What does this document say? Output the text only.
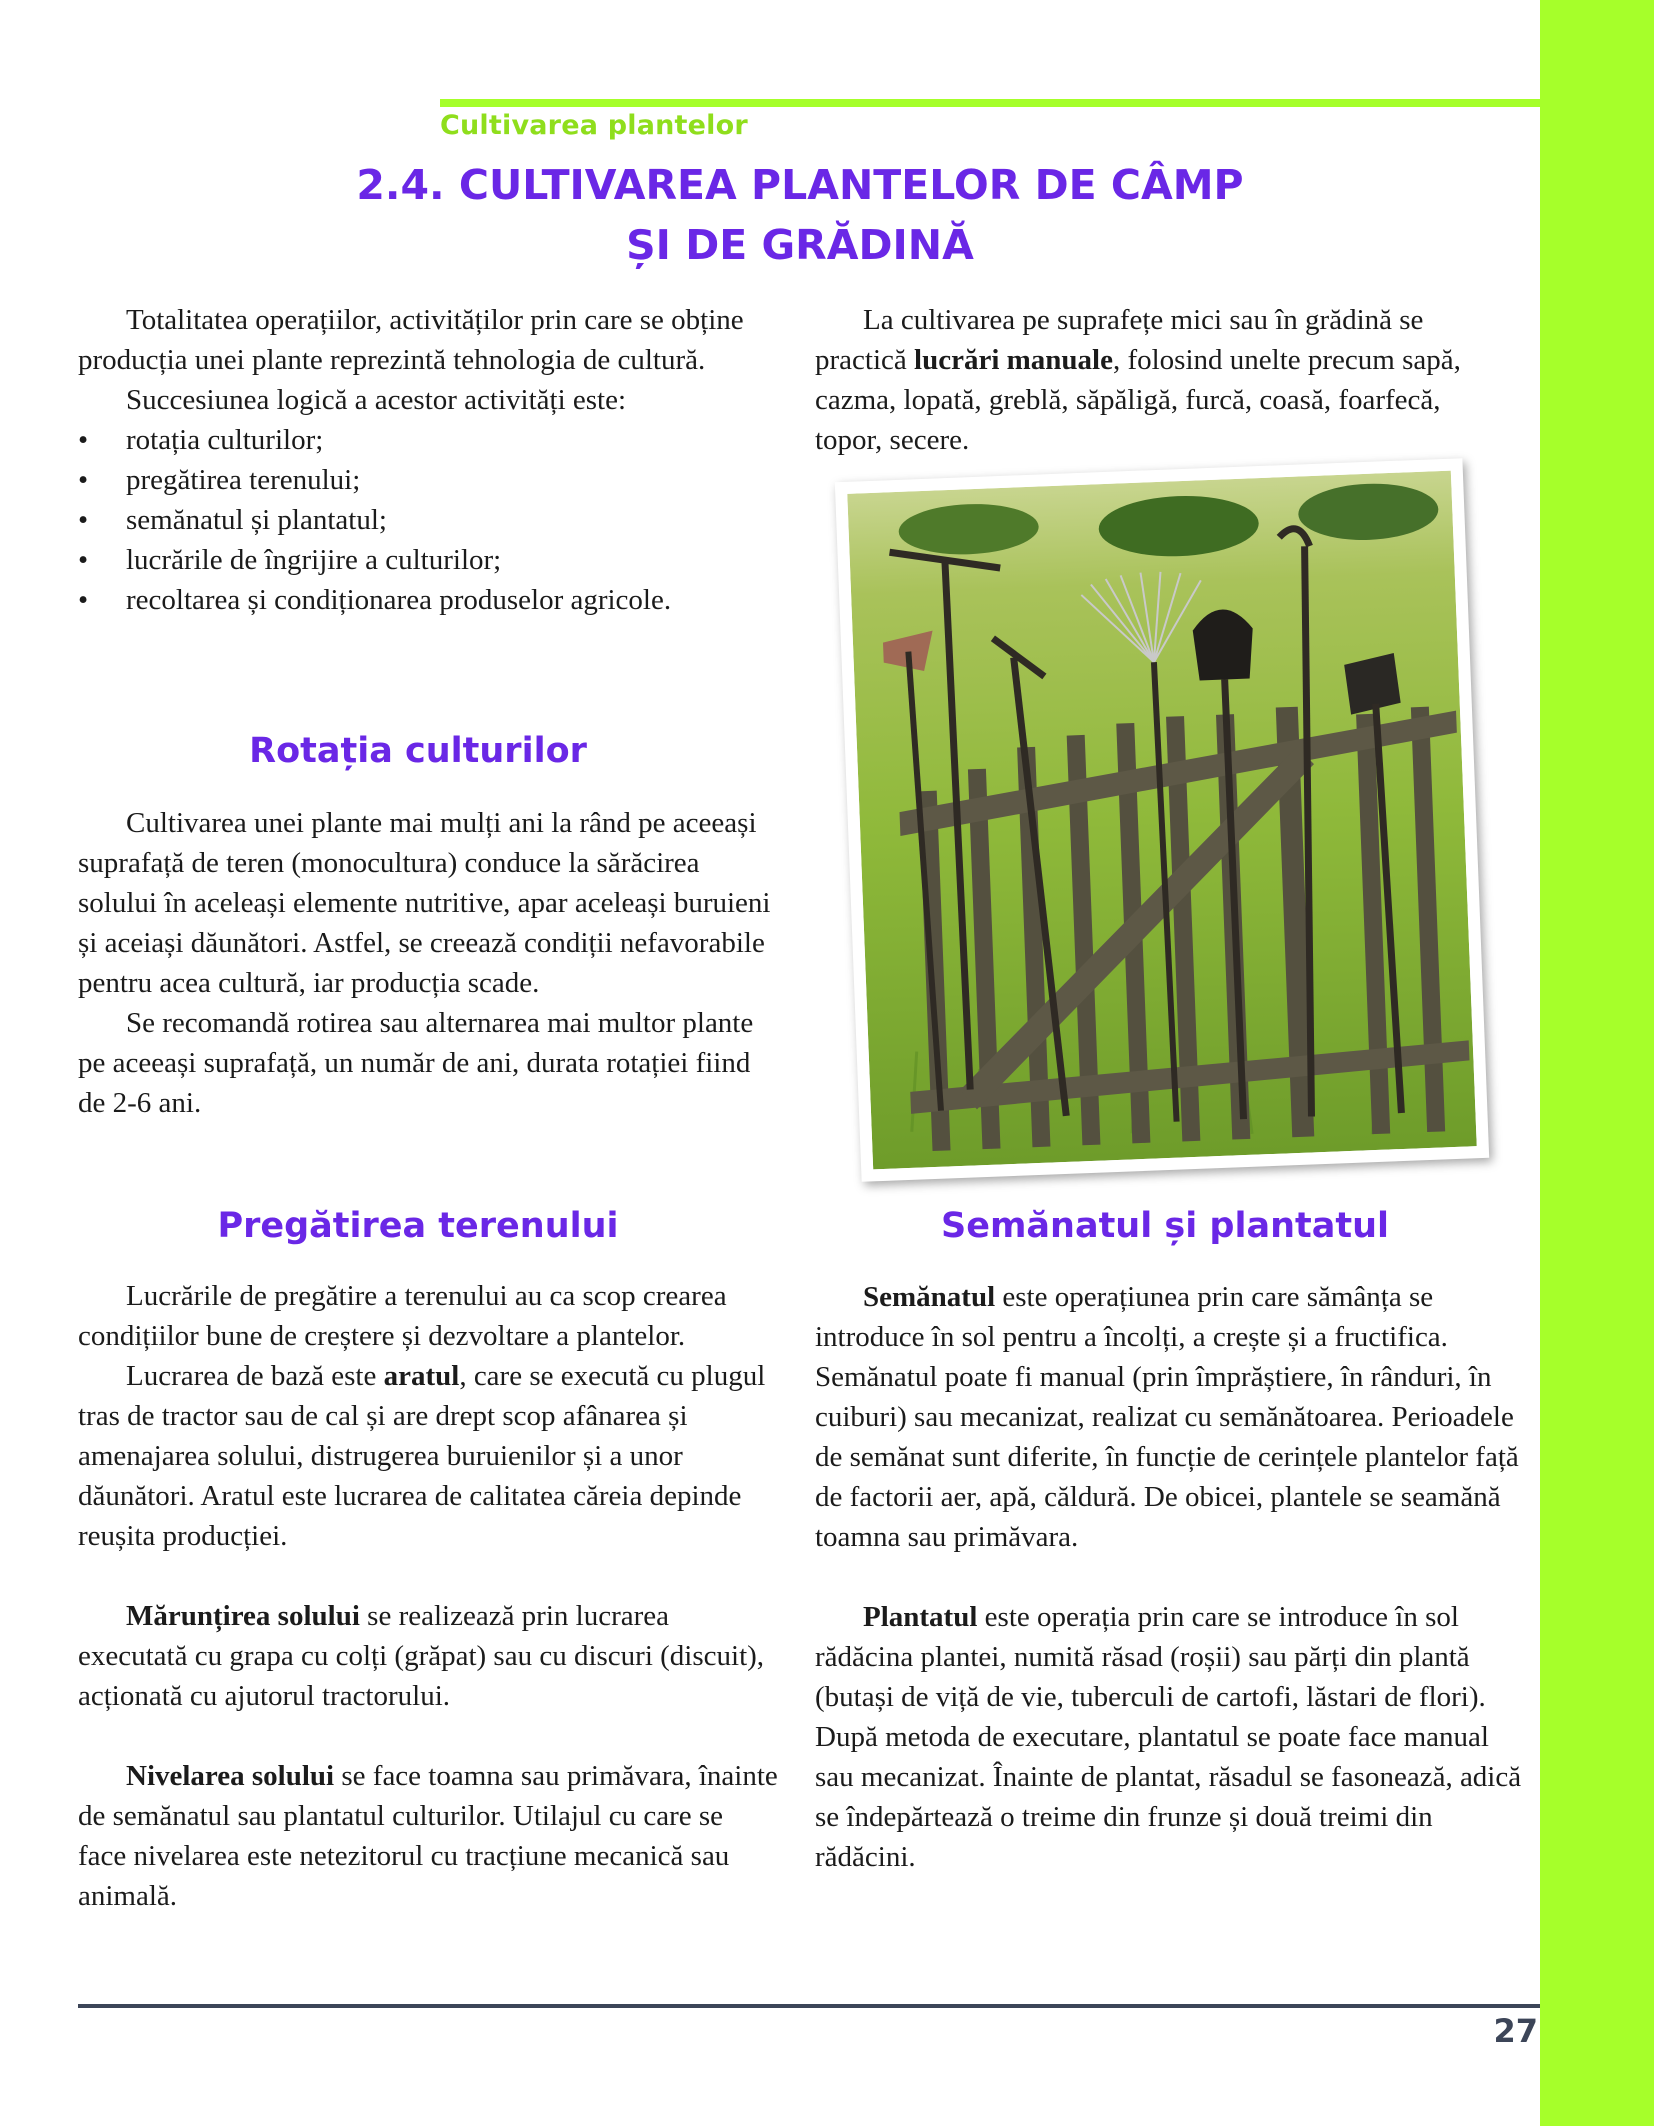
Cultivarea plantelor
2.4. CULTIVAREA PLANTELOR DE CÂMP
ȘI DE GRĂDINĂ

Totalitatea operațiilor, activităților prin care se obține producția unei plante reprezintă tehnologia de cultură.

Succesiunea logică a acestor activități este:

• rotația culturilor;
• pregătirea terenului;
• semănatul și plantatul;
• lucrările de îngrijire a culturilor;
• recoltarea și condiționarea produselor agricole.
Rotația culturilor

Cultivarea unei plante mai mulți ani la rând pe aceeași suprafață de teren (monocultura) conduce la sărăcirea solului în aceleași elemente nutritive, apar aceleași buruieni și aceiași dăunători. Astfel, se creează condiții nefavorabile pentru acea cultură, iar producția scade.

Se recomandă rotirea sau alternarea mai multor plante pe aceeași suprafață, un număr de ani, durata rotației fiind de 2-6 ani.

Pregătirea terenului

Lucrările de pregătire a terenului au ca scop crearea condițiilor bune de creștere și dezvoltare a plantelor.

Lucrarea de bază este aratul, care se execută cu plugul tras de tractor sau de cal și are drept scop afânarea și amenajarea solului, distrugerea buruienilor și a unor dăunători. Aratul este lucrarea de calitatea căreia depinde reușita producției.

Mărunțirea solului se realizează prin lucrarea executată cu grapa cu colți (grăpat) sau cu discuri (discuit), acționată cu ajutorul tractorului.

Nivelarea solului se face toamna sau primăvara, înainte de semănatul sau plantatul culturilor. Utilajul cu care se face nivelarea este netezitorul cu tracțiune mecanică sau animală.

La cultivarea pe suprafețe mici sau în grădină se practică lucrări manuale, folosind unelte precum sapă, cazma, lopată, greblă, săpăligă, furcă, coasă, foarfecă, topor, secere.

Semănatul și plantatul

Semănatul este operațiunea prin care sămânța se introduce în sol pentru a încolți, a crește și a fructifica. Semănatul poate fi manual (prin împrăștiere, în rânduri, în cuiburi) sau mecanizat, realizat cu semănătoarea. Perioadele de semănat sunt diferite, în funcție de cerințele plantelor față de factorii aer, apă, căldură. De obicei, plantele se seamănă toamna sau primăvara.

Plantatul este operația prin care se introduce în sol rădăcina plantei, numită răsad (roșii) sau părți din plantă (butași de viță de vie, tuberculi de cartofi, lăstari de flori). După metoda de executare, plantatul se poate face manual sau mecanizat. Înainte de plantat, răsadul se fasonează, adică se îndepărtează o treime din frunze și două treimi din rădăcini.

27
